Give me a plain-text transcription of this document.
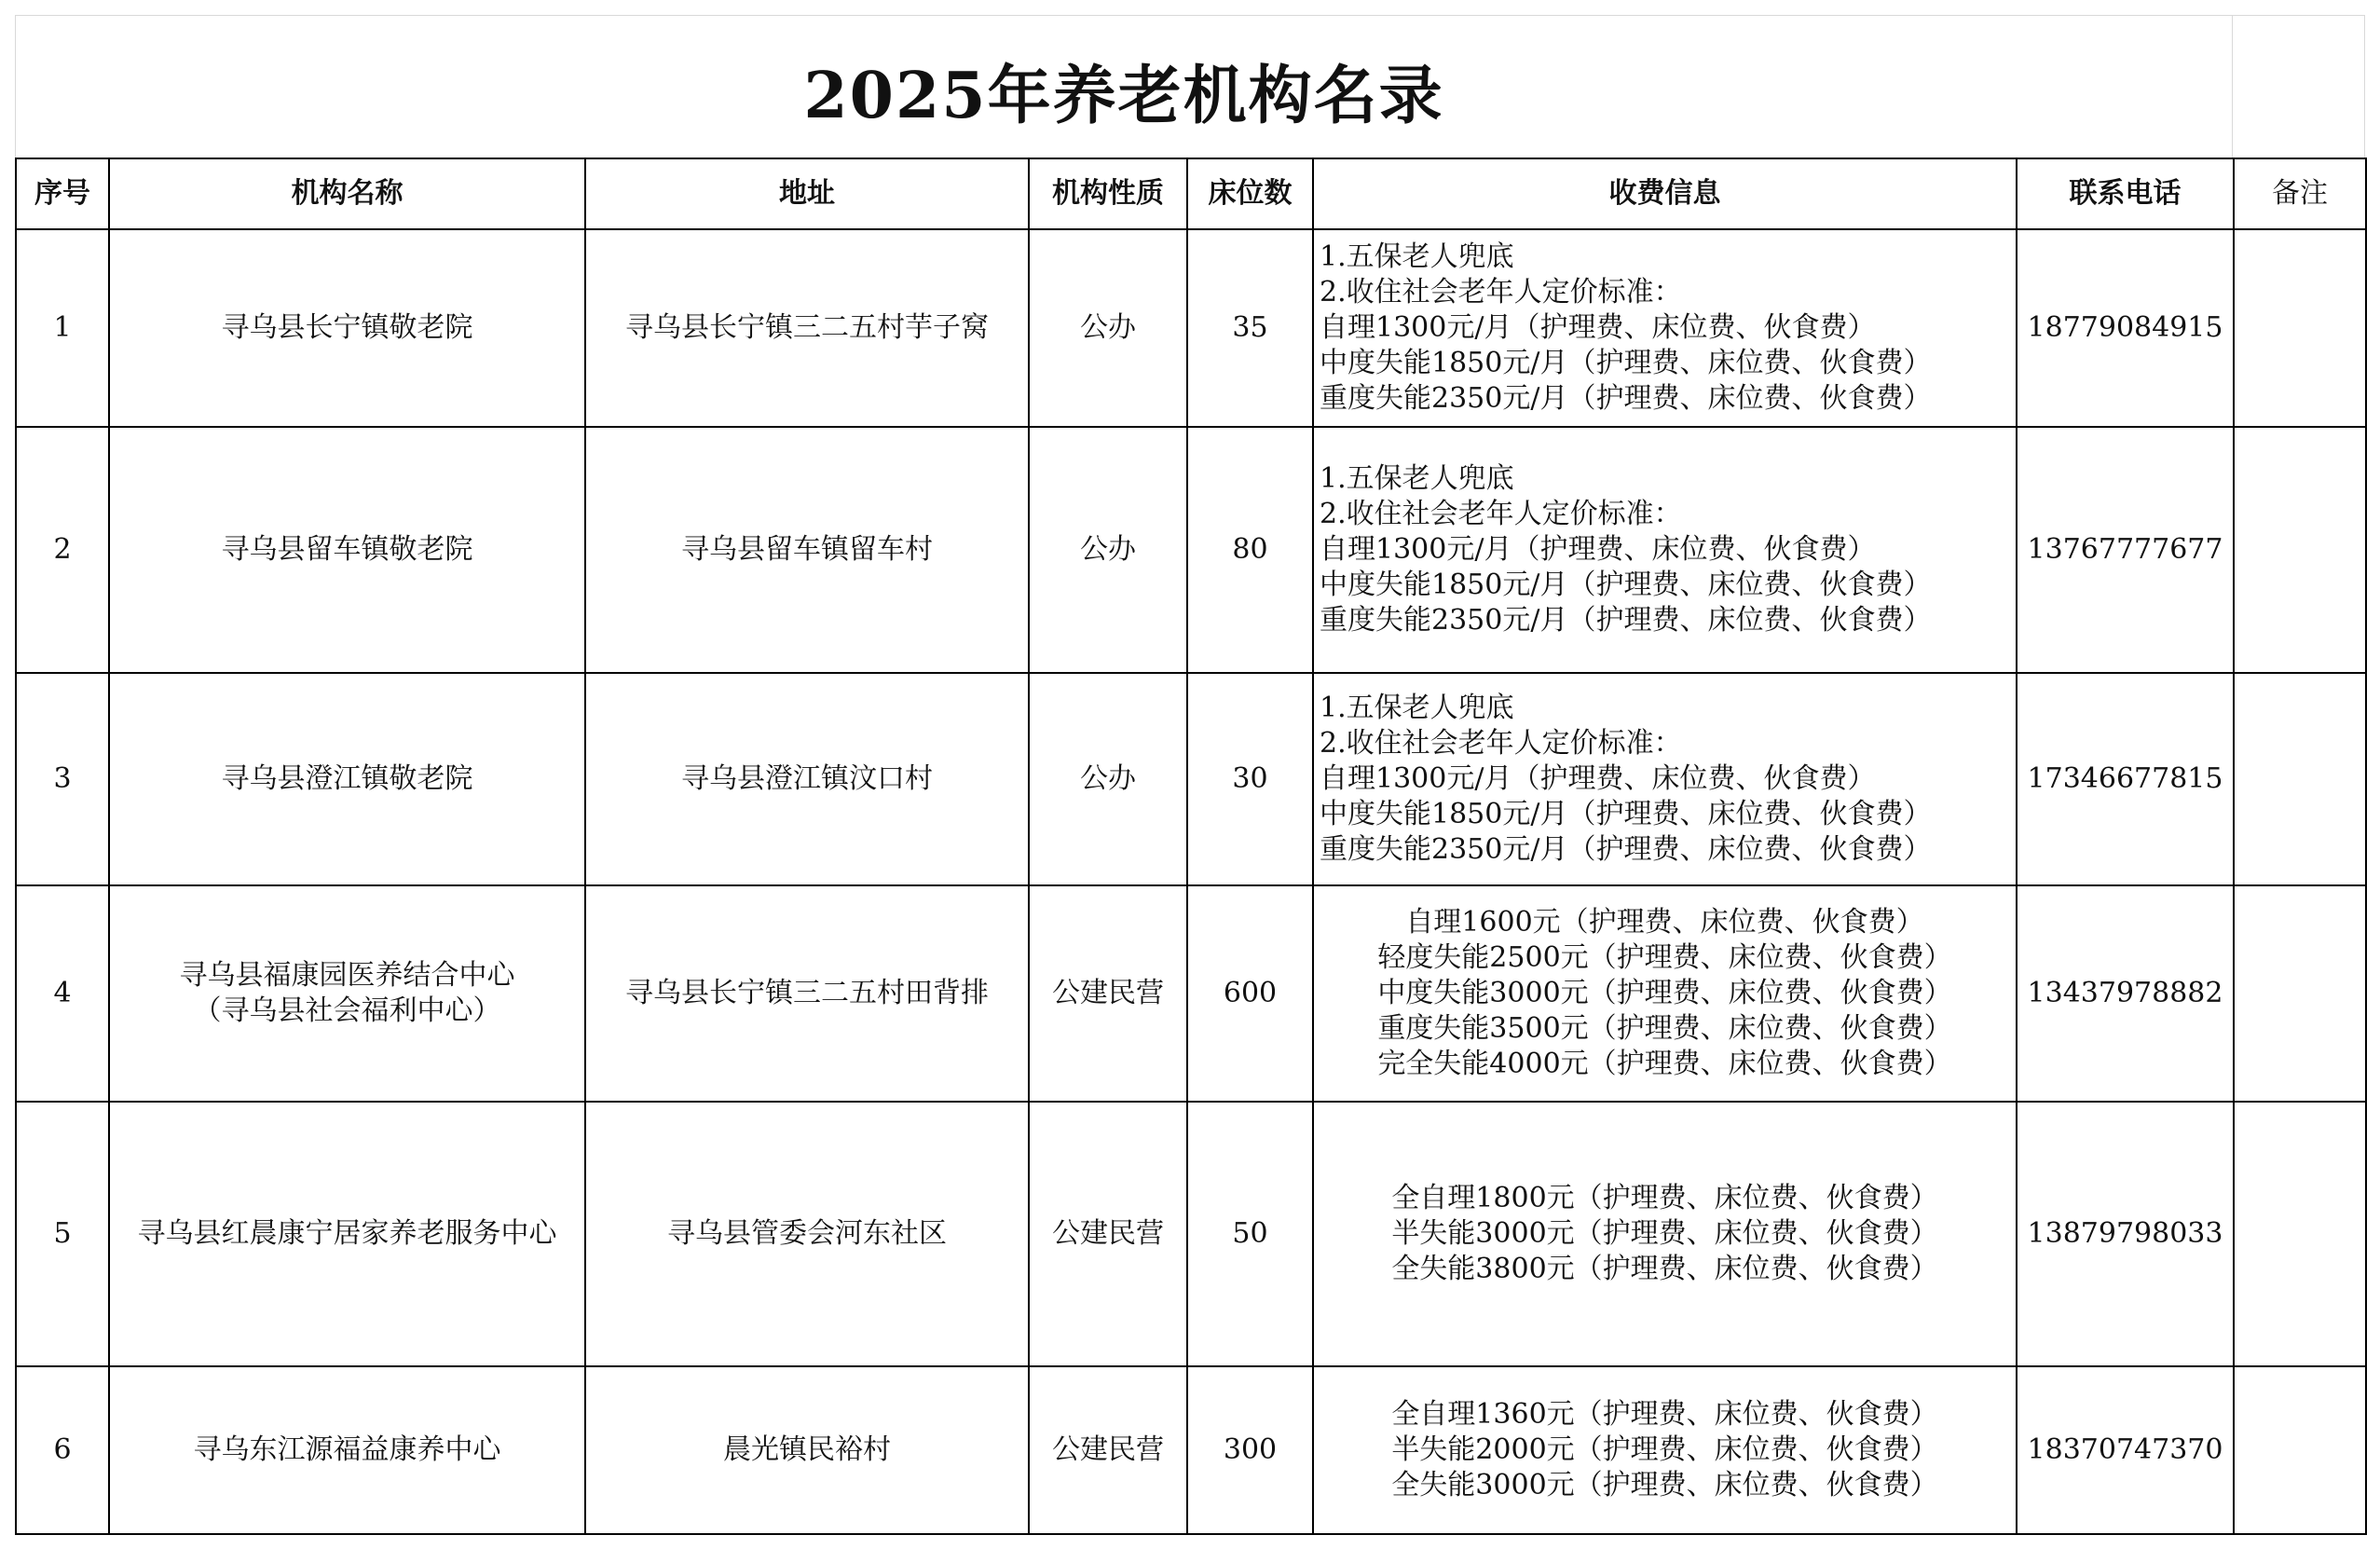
2025年养老机构名录
序号	机构名称	地址	机构性质	床位数	收费信息	联系电话	备注
1	寻乌县长宁镇敬老院	寻乌县长宁镇三二五村芋子窝	公办	35	1.五保老人兜底
2.收住社会老年人定价标准：
自理1300元/月（护理费、床位费、伙食费）
中度失能1850元/月（护理费、床位费、伙食费）
重度失能2350元/月（护理费、床位费、伙食费）	18779084915	
2	寻乌县留车镇敬老院	寻乌县留车镇留车村	公办	80	1.五保老人兜底
2.收住社会老年人定价标准：
自理1300元/月（护理费、床位费、伙食费）
中度失能1850元/月（护理费、床位费、伙食费）
重度失能2350元/月（护理费、床位费、伙食费）	13767777677	
3	寻乌县澄江镇敬老院	寻乌县澄江镇汶口村	公办	30	1.五保老人兜底
2.收住社会老年人定价标准：
自理1300元/月（护理费、床位费、伙食费）
中度失能1850元/月（护理费、床位费、伙食费）
重度失能2350元/月（护理费、床位费、伙食费）	17346677815	
4	寻乌县福康园医养结合中心
（寻乌县社会福利中心）	寻乌县长宁镇三二五村田背排	公建民营	600	自理1600元（护理费、床位费、伙食费）
轻度失能2500元（护理费、床位费、伙食费）
中度失能3000元（护理费、床位费、伙食费）
重度失能3500元（护理费、床位费、伙食费）
完全失能4000元（护理费、床位费、伙食费）	13437978882	
5	寻乌县红晨康宁居家养老服务中心	寻乌县管委会河东社区	公建民营	50	全自理1800元（护理费、床位费、伙食费）
半失能3000元（护理费、床位费、伙食费）
全失能3800元（护理费、床位费、伙食费）	13879798033	
6	寻乌东江源福益康养中心	晨光镇民裕村	公建民营	300	全自理1360元（护理费、床位费、伙食费）
半失能2000元（护理费、床位费、伙食费）
全失能3000元（护理费、床位费、伙食费）	18370747370	
